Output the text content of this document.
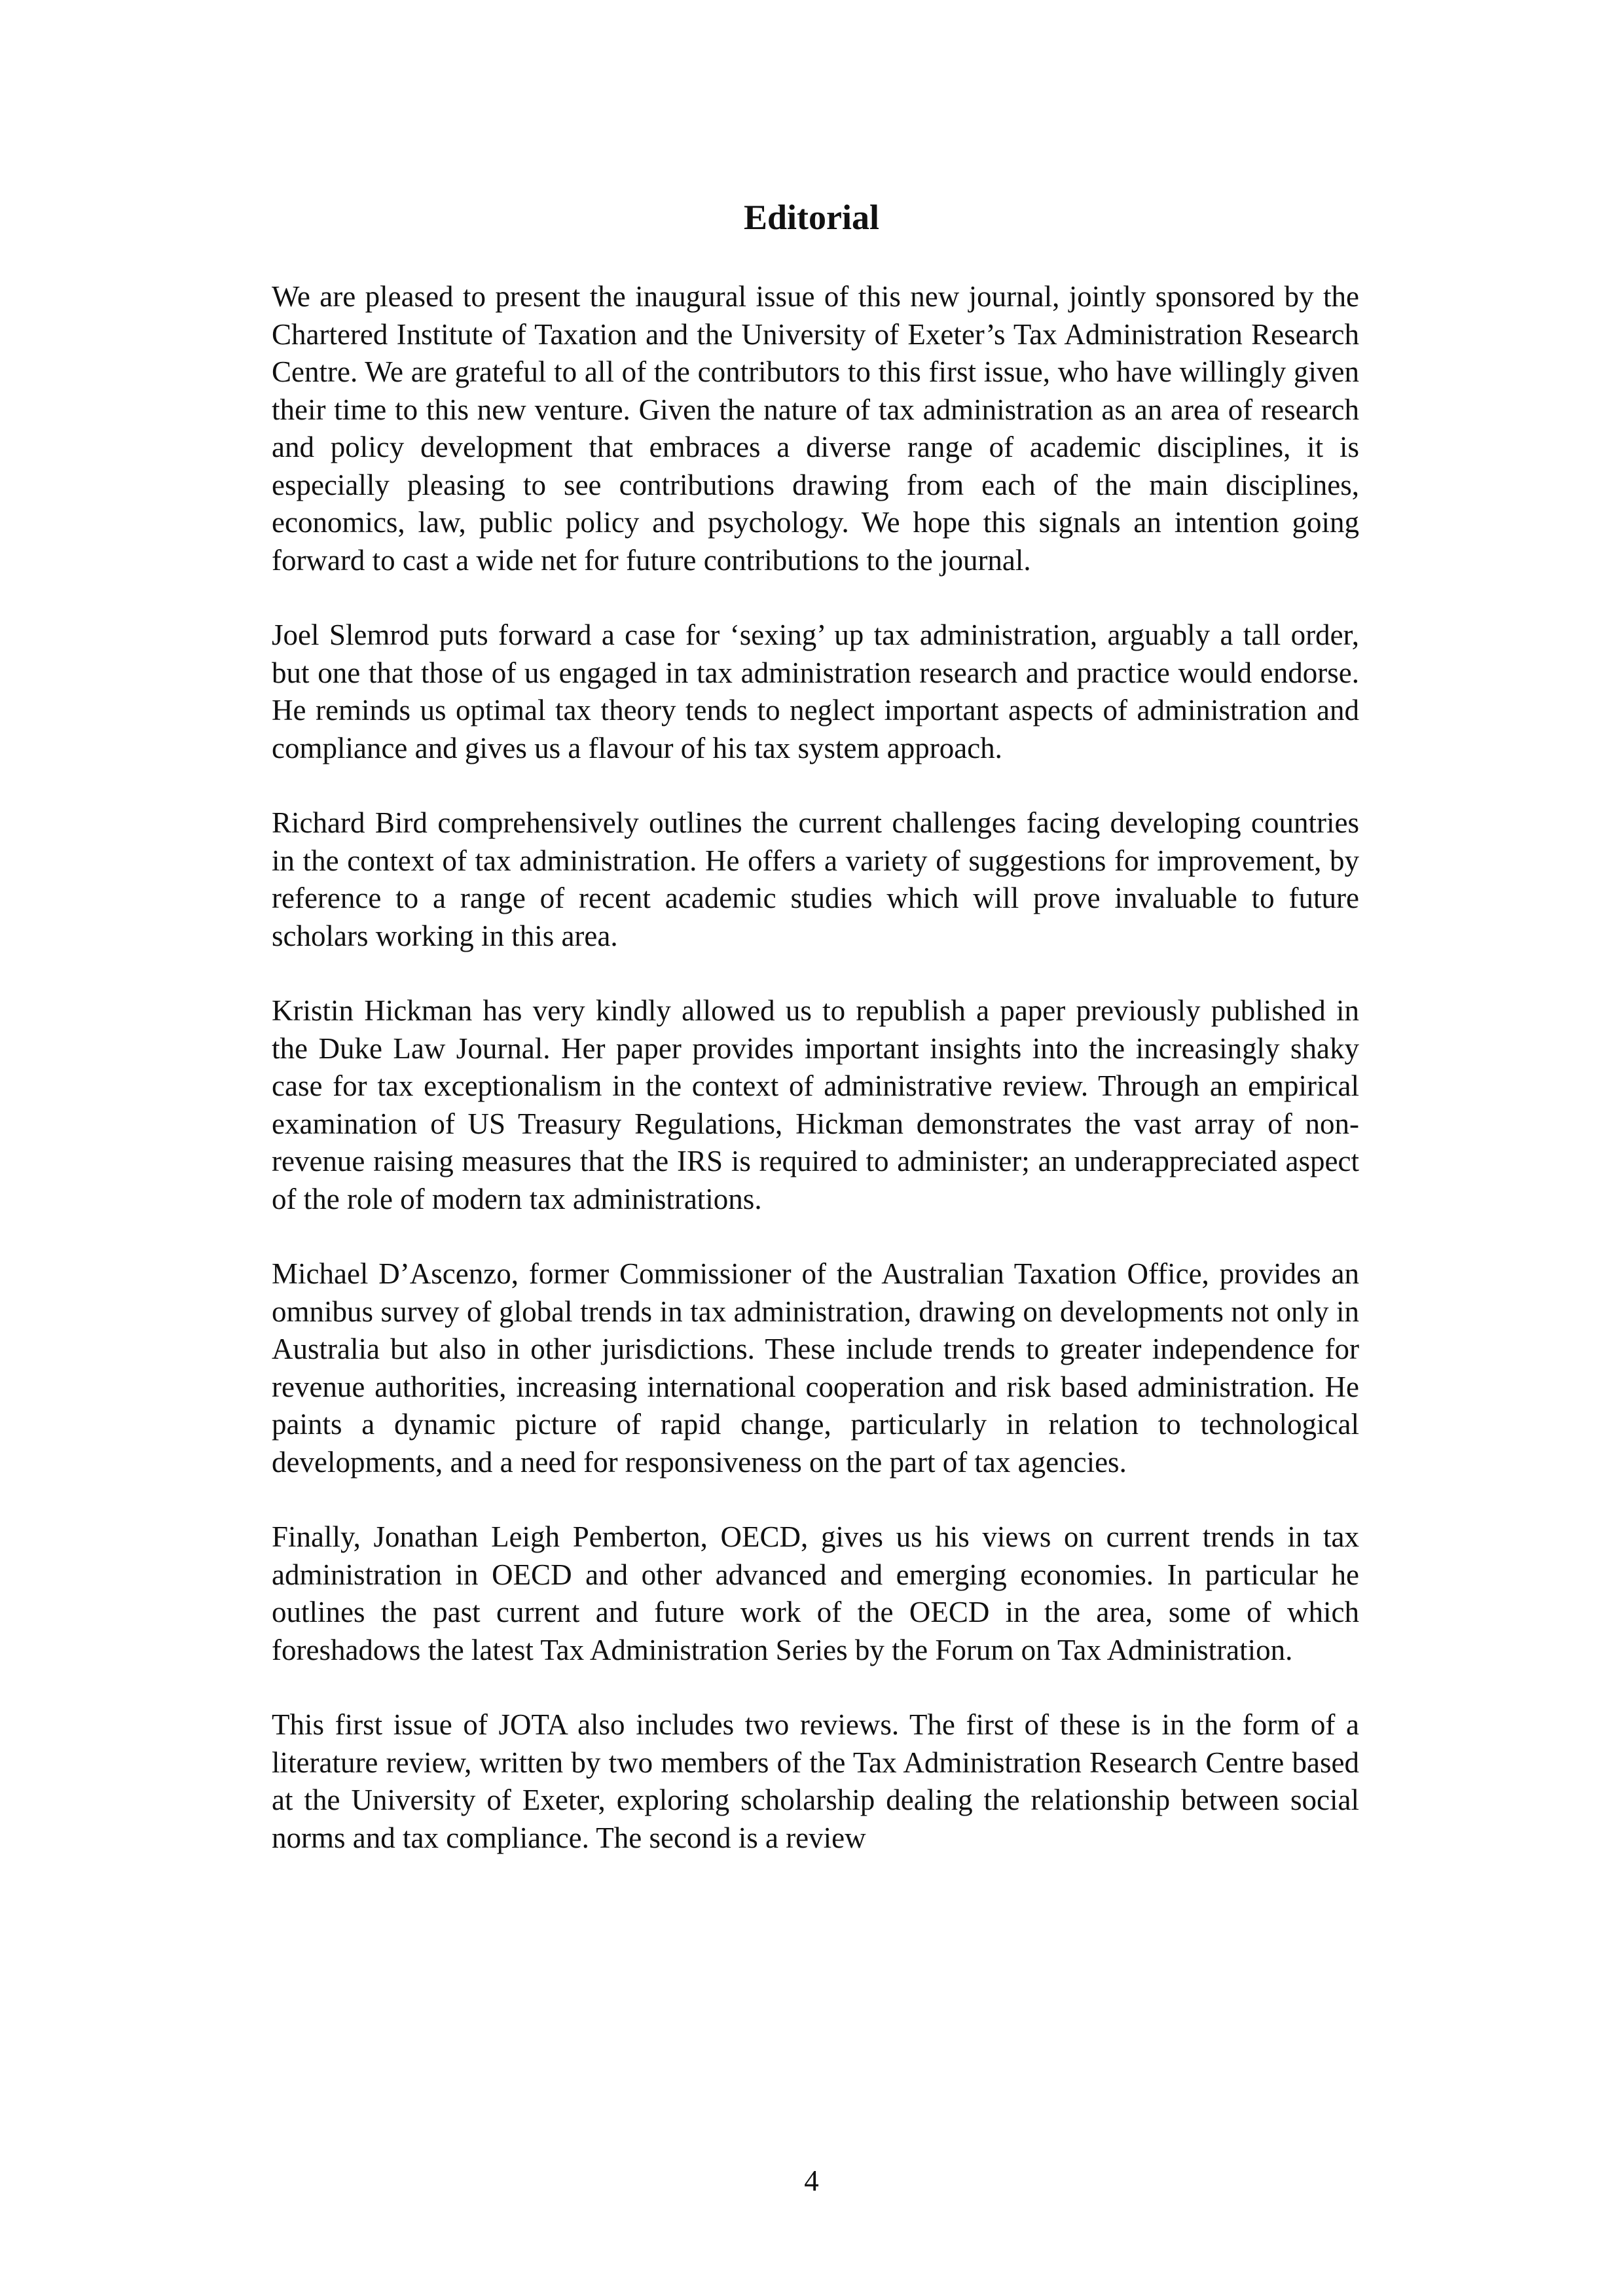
Editorial

We are pleased to present the inaugural issue of this new journal, jointly sponsored by the Chartered Institute of Taxation and the University of Exeter’s Tax Administration Research Centre. We are grateful to all of the contributors to this first issue, who have willingly given their time to this new venture. Given the nature of tax administration as an area of research and policy development that embraces a diverse range of academic disciplines, it is especially pleasing to see contributions drawing from each of the main disciplines, economics, law, public policy and psychology. We hope this signals an intention going forward to cast a wide net for future contributions to the journal.

Joel Slemrod puts forward a case for ‘sexing’ up tax administration, arguably a tall order, but one that those of us engaged in tax administration research and practice would endorse. He reminds us optimal tax theory tends to neglect important aspects of administration and compliance and gives us a flavour of his tax system approach.

Richard Bird comprehensively outlines the current challenges facing developing countries in the context of tax administration. He offers a variety of suggestions for improvement, by reference to a range of recent academic studies which will prove invaluable to future scholars working in this area.

Kristin Hickman has very kindly allowed us to republish a paper previously published in the Duke Law Journal. Her paper provides important insights into the increasingly shaky case for tax exceptionalism in the context of administrative review. Through an empirical examination of US Treasury Regulations, Hickman demonstrates the vast array of non-revenue raising measures that the IRS is required to administer; an underappreciated aspect of the role of modern tax administrations.

Michael D’Ascenzo, former Commissioner of the Australian Taxation Office, provides an omnibus survey of global trends in tax administration, drawing on developments not only in Australia but also in other jurisdictions. These include trends to greater independence for revenue authorities, increasing international cooperation and risk based administration. He paints a dynamic picture of rapid change, particularly in relation to technological developments, and a need for responsiveness on the part of tax agencies.

Finally, Jonathan Leigh Pemberton, OECD, gives us his views on current trends in tax administration in OECD and other advanced and emerging economies. In particular he outlines the past current and future work of the OECD in the area, some of which foreshadows the latest Tax Administration Series by the Forum on Tax Administration.

This first issue of JOTA also includes two reviews. The first of these is in the form of a literature review, written by two members of the Tax Administration Research Centre based at the University of Exeter, exploring scholarship dealing the relationship between social norms and tax compliance. The second is a review

4
